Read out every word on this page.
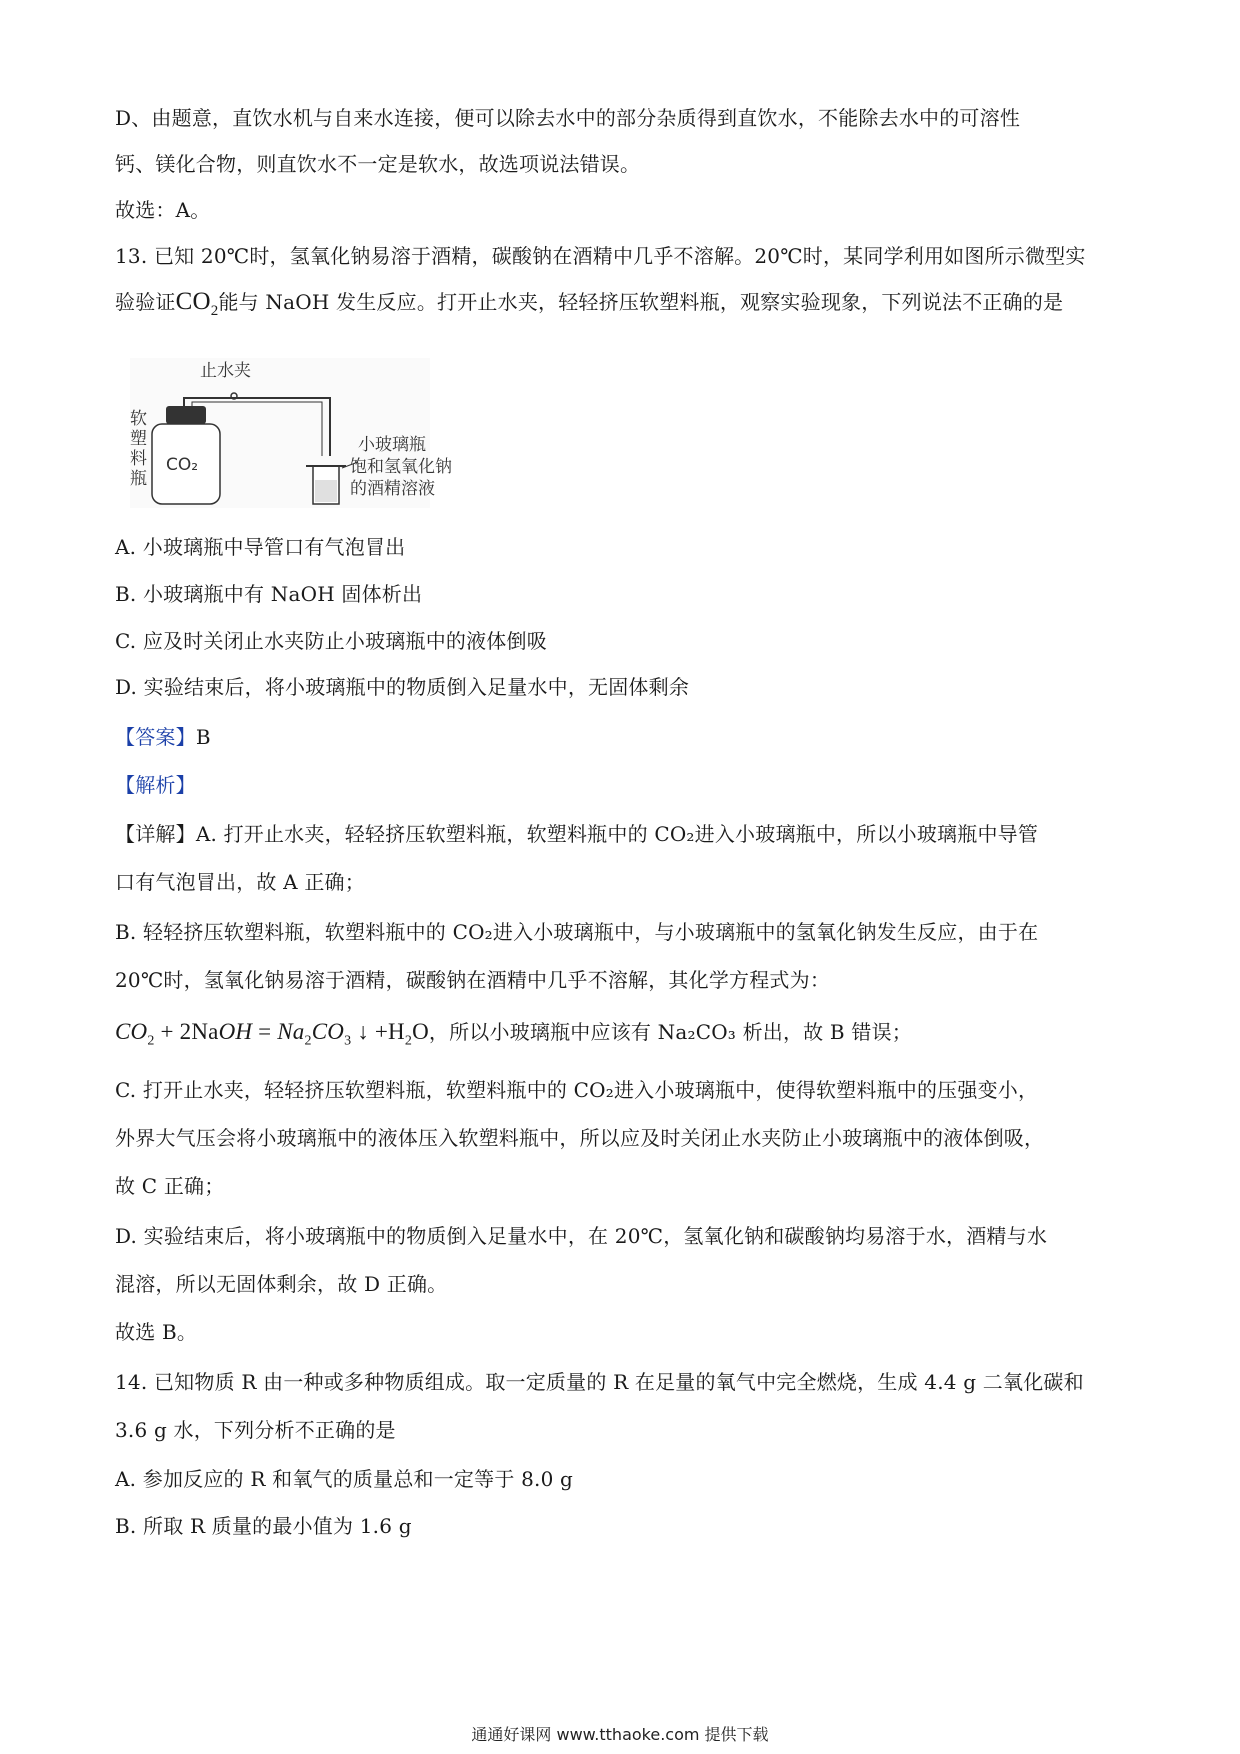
D、由题意，直饮水机与自来水连接，便可以除去水中的部分杂质得到直饮水，不能除去水中的可溶性
钙、镁化合物，则直饮水不一定是软水，故选项说法错误。
故选：A。
13. 已知 20℃时，氢氧化钠易溶于酒精，碳酸钠在酒精中几乎不溶解。20℃时，某同学利用如图所示微型实
验验证$CO_2$能与 NaOH 发生反应。打开止水夹，轻轻挤压软塑料瓶，观察实验现象，下列说法不正确的是
止水夹
CO₂
软
塑
料
瓶
小玻璃瓶
饱和氢氧化钠
的酒精溶液
A. 小玻璃瓶中导管口有气泡冒出
B. 小玻璃瓶中有 NaOH 固体析出
C. 应及时关闭止水夹防止小玻璃瓶中的液体倒吸
D. 实验结束后，将小玻璃瓶中的物质倒入足量水中，无固体剩余
【答案】B
【解析】
【详解】A. 打开止水夹，轻轻挤压软塑料瓶，软塑料瓶中的 CO₂进入小玻璃瓶中，所以小玻璃瓶中导管
口有气泡冒出，故 A 正确；
B. 轻轻挤压软塑料瓶，软塑料瓶中的 CO₂进入小玻璃瓶中，与小玻璃瓶中的氢氧化钠发生反应，由于在
20℃时，氢氧化钠易溶于酒精，碳酸钠在酒精中几乎不溶解，其化学方程式为：
$CO_2$ + 2NaOH = $Na_2CO_3$ ↓ $+H_2O$，所以小玻璃瓶中应该有 Na₂CO₃ 析出，故 B 错误；
C. 打开止水夹，轻轻挤压软塑料瓶，软塑料瓶中的 CO₂进入小玻璃瓶中，使得软塑料瓶中的压强变小，
外界大气压会将小玻璃瓶中的液体压入软塑料瓶中，所以应及时关闭止水夹防止小玻璃瓶中的液体倒吸，
故 C 正确；
D. 实验结束后，将小玻璃瓶中的物质倒入足量水中，在 20℃，氢氧化钠和碳酸钠均易溶于水，酒精与水
混溶，所以无固体剩余，故 D 正确。
故选 B。
14. 已知物质 R 由一种或多种物质组成。取一定质量的 R 在足量的氧气中完全燃烧，生成 4.4 g 二氧化碳和
3.6 g 水，下列分析不正确的是
A. 参加反应的 R 和氧气的质量总和一定等于 8.0 g
B. 所取 R 质量的最小值为 1.6 g
通通好课网 www.tthaoke.com 提供下载
